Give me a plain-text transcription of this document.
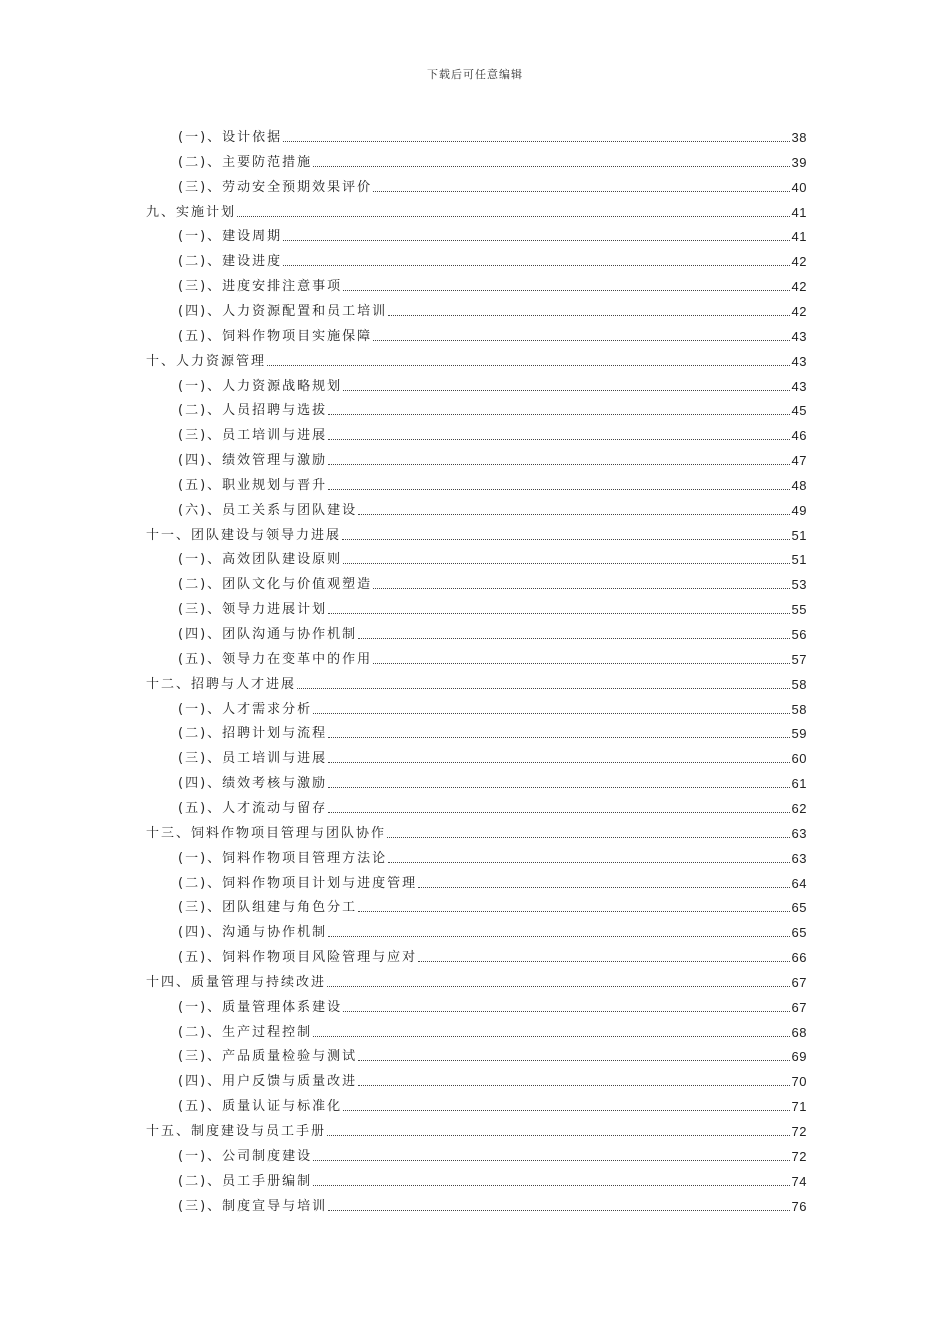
下载后可任意编辑
(一)、设计依据	38
(二)、主要防范措施	39
(三)、劳动安全预期效果评价	40
九、实施计划	41
(一)、建设周期	41
(二)、建设进度	42
(三)、进度安排注意事项	42
(四)、人力资源配置和员工培训	42
(五)、饲料作物项目实施保障	43
十、人力资源管理	43
(一)、人力资源战略规划	43
(二)、人员招聘与选拔	45
(三)、员工培训与进展	46
(四)、绩效管理与激励	47
(五)、职业规划与晋升	48
(六)、员工关系与团队建设	49
十一、团队建设与领导力进展	51
(一)、高效团队建设原则	51
(二)、团队文化与价值观塑造	53
(三)、领导力进展计划	55
(四)、团队沟通与协作机制	56
(五)、领导力在变革中的作用	57
十二、招聘与人才进展	58
(一)、人才需求分析	58
(二)、招聘计划与流程	59
(三)、员工培训与进展	60
(四)、绩效考核与激励	61
(五)、人才流动与留存	62
十三、饲料作物项目管理与团队协作	63
(一)、饲料作物项目管理方法论	63
(二)、饲料作物项目计划与进度管理	64
(三)、团队组建与角色分工	65
(四)、沟通与协作机制	65
(五)、饲料作物项目风险管理与应对	66
十四、质量管理与持续改进	67
(一)、质量管理体系建设	67
(二)、生产过程控制	68
(三)、产品质量检验与测试	69
(四)、用户反馈与质量改进	70
(五)、质量认证与标准化	71
十五、制度建设与员工手册	72
(一)、公司制度建设	72
(二)、员工手册编制	74
(三)、制度宣导与培训	76
